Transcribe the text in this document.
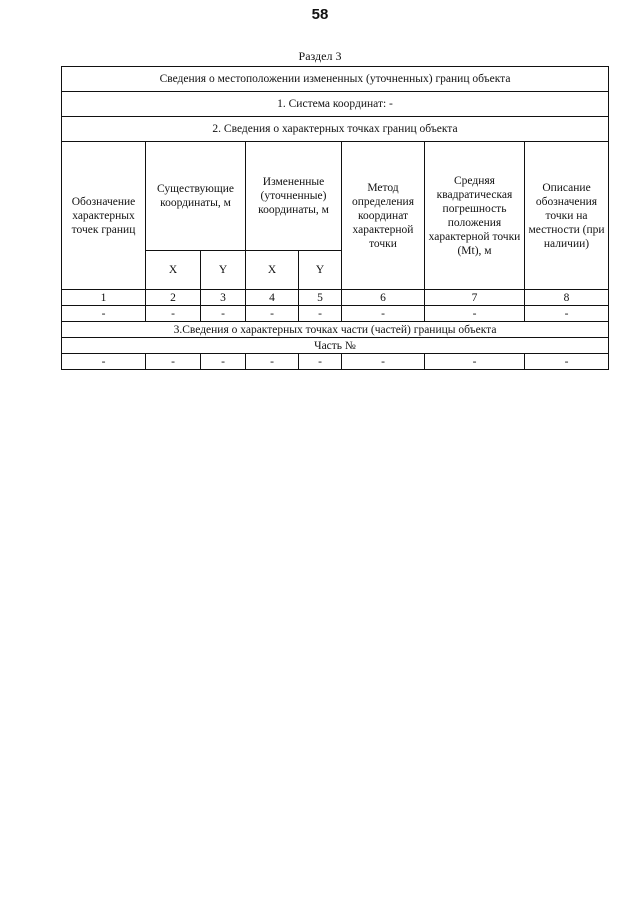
58
Раздел 3
Сведения о местоположении измененных (уточненных) границ объекта							
1. Система координат: -							
2. Сведения о характерных точках границ объекта							
Обозначение характерных точек границ	Существующие координаты, м		Измененные (уточненные) координаты, м		Метод определения координат характерной точки	Средняя квадратическая погрешность положения характерной точки (Mt), м	Описание обозначения точки на местности (при наличии)
	X	Y	X	Y			
1	2	3	4	5	6	7	8
-	-	-	-	-	-	-	-
3.Сведения о характерных точках части (частей) границы объекта							
Часть №							
-	-	-	-	-	-	-	-
